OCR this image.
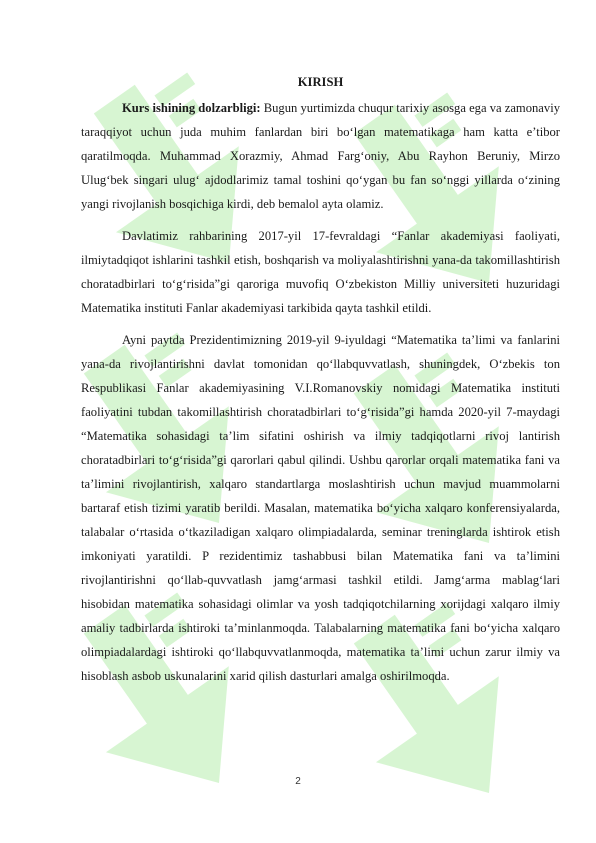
KIRISH

Kurs ishining dolzarbligi: Bugun yurtimizda chuqur tarixiy asosga ega va zamonaviy taraqqiyot uchun juda muhim fanlardan biri bo‘lgan matematikaga ham katta e’tibor qaratilmoqda. Muhammad Xorazmiy, Ahmad Farg‘oniy, Abu Rayhon Beruniy, Mirzo Ulug‘bek singari ulug‘ ajdodlarimiz tamal toshini qo‘ygan bu fan so‘nggi yillarda o‘zining yangi rivojlanish bosqichiga kirdi, deb bemalol ayta olamiz.

Davlatimiz rahbarining 2017-yil 17-fevraldagi “Fanlar akademiyasi faoliyati, ilmiytadqiqot ishlarini tashkil etish, boshqarish va moliyalashtirishni yana-da takomillashtirish choratadbirlari to‘g‘risida”gi qaroriga muvofiq O‘zbekiston Milliy universiteti huzuridagi Matematika instituti Fanlar akademiyasi tarkibida qayta tashkil etildi.

Ayni paytda Prezidentimizning 2019-yil 9-iyuldagi “Matematika ta’limi va fanlarini yana-da rivojlantirishni davlat tomonidan qo‘llabquvvatlash, shuningdek, O‘zbekis ton Respublikasi Fanlar akademiyasining V.I.Romanovskiy nomidagi Matematika instituti faoliyatini tubdan takomillashtirish choratadbirlari to‘g‘risida”gi hamda 2020-yil 7-maydagi “Matematika sohasidagi ta’lim sifatini oshirish va ilmiy tadqiqotlarni rivoj lantirish choratadbirlari to‘g‘risida”gi qarorlari qabul qilindi. Ushbu qarorlar orqali matematika fani va ta’limini rivojlantirish, xalqaro standartlarga moslashtirish uchun mavjud muammolarni bartaraf etish tizimi yaratib berildi. Masalan, matematika bo‘yicha xalqaro konferensiyalarda, talabalar o‘rtasida o‘tkaziladigan xalqaro olimpiadalarda, seminar treninglarda ishtirok etish imkoniyati yaratildi. P rezidentimiz tashabbusi bilan Matematika fani va ta’limini rivojlantirishni qo‘llab-quvvatlash jamg‘armasi tashkil etildi. Jamg‘arma mablag‘lari hisobidan matematika sohasidagi olimlar va yosh tadqiqotchilarning xorijdagi xalqaro ilmiy amaliy tadbirlarda ishtiroki ta’minlanmoqda. Talabalarning matematika fani bo‘yicha xalqaro olimpiadalardagi ishtiroki qo‘llabquvvatlanmoqda, matematika ta’limi uchun zarur ilmiy va hisoblash asbob uskunalarini xarid qilish dasturlari amalga oshirilmoqda.

2
